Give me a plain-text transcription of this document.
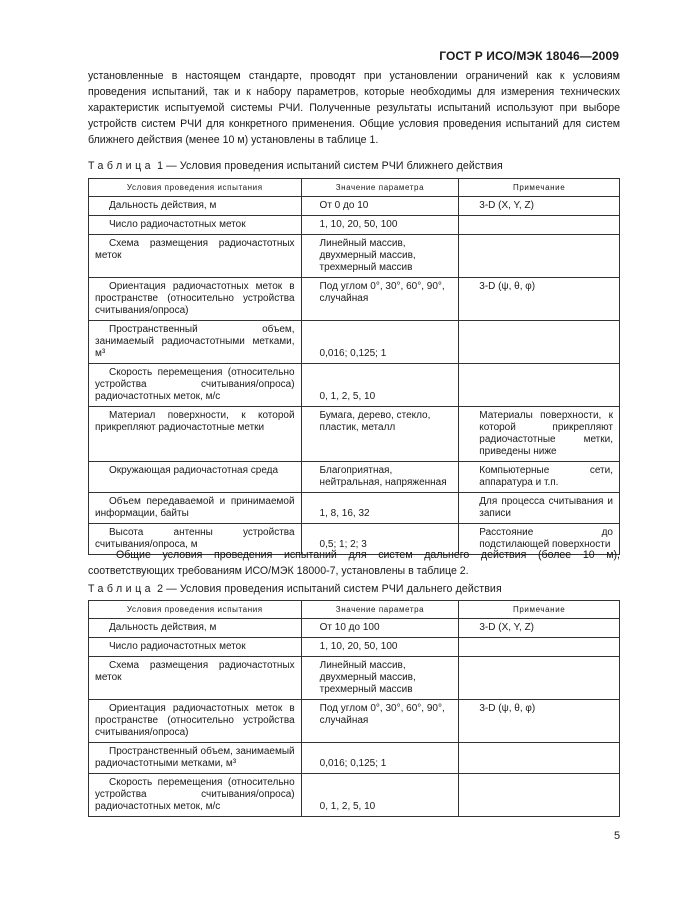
ГОСТ Р ИСО/МЭК 18046—2009

установленные в настоящем стандарте, проводят при установлении ограничений как к условиям проведения испытаний, так и к набору параметров, которые необходимы для измерения технических характеристик испытуемой системы РЧИ. Полученные результаты испытаний используют при выборе устройств систем РЧИ для конкретного применения. Общие условия проведения испытаний для систем ближнего действия (менее 10 м) установлены в таблице 1.

Таблица 1 — Условия проведения испытаний систем РЧИ ближнего действия
Условия проведения испытания	Значение параметра	Примечание
Дальность действия, м	От 0 до 10	3-D (X, Y, Z)
Число радиочастотных меток	1, 10, 20, 50, 100	
Схема размещения радиочастотных меток	Линейный массив, двухмерный массив, трехмерный массив	
Ориентация радиочастотных меток в пространстве (относительно устройства считывания/опроса)	Под углом 0°, 30°, 60°, 90°, случайная	3-D (ψ, θ, φ)
Пространственный объем, занимаемый радиочастотными метками, м³	0,016; 0,125; 1	
Скорость перемещения (относительно устройства считывания/опроса) радиочастотных меток, м/с	0, 1, 2, 5, 10	
Материал поверхности, к которой прикрепляют радиочастотные метки	Бумага, дерево, стекло, пластик, металл	Материалы поверхности, к которой прикрепляют радиочастотные метки, приведены ниже
Окружающая радиочастотная среда	Благоприятная, нейтральная, напряженная	Компьютерные сети, аппаратура и т.п.
Объем передаваемой и принимаемой информации, байты	1, 8, 16, 32	Для процесса считывания и записи
Высота антенны устройства считывания/опроса, м	0,5; 1; 2; 3	Расстояние до подстилающей поверхности

Общие условия проведения испытаний для систем дальнего действия (более 10 м), соответствующих требованиям ИСО/МЭК 18000-7, установлены в таблице 2.

Таблица 2 — Условия проведения испытаний систем РЧИ дальнего действия
Условия проведения испытания	Значение параметра	Примечание
Дальность действия, м	От 10 до 100	3-D (X, Y, Z)
Число радиочастотных меток	1, 10, 20, 50, 100	
Схема размещения радиочастотных меток	Линейный массив, двухмерный массив, трехмерный массив	
Ориентация радиочастотных меток в пространстве (относительно устройства считывания/опроса)	Под углом 0°, 30°, 60°, 90°, случайная	3-D (ψ, θ, φ)
Пространственный объем, занимаемый радиочастотными метками, м³	0,016; 0,125; 1	
Скорость перемещения (относительно устройства считывания/опроса) радиочастотных меток, м/с	0, 1, 2, 5, 10	
5
